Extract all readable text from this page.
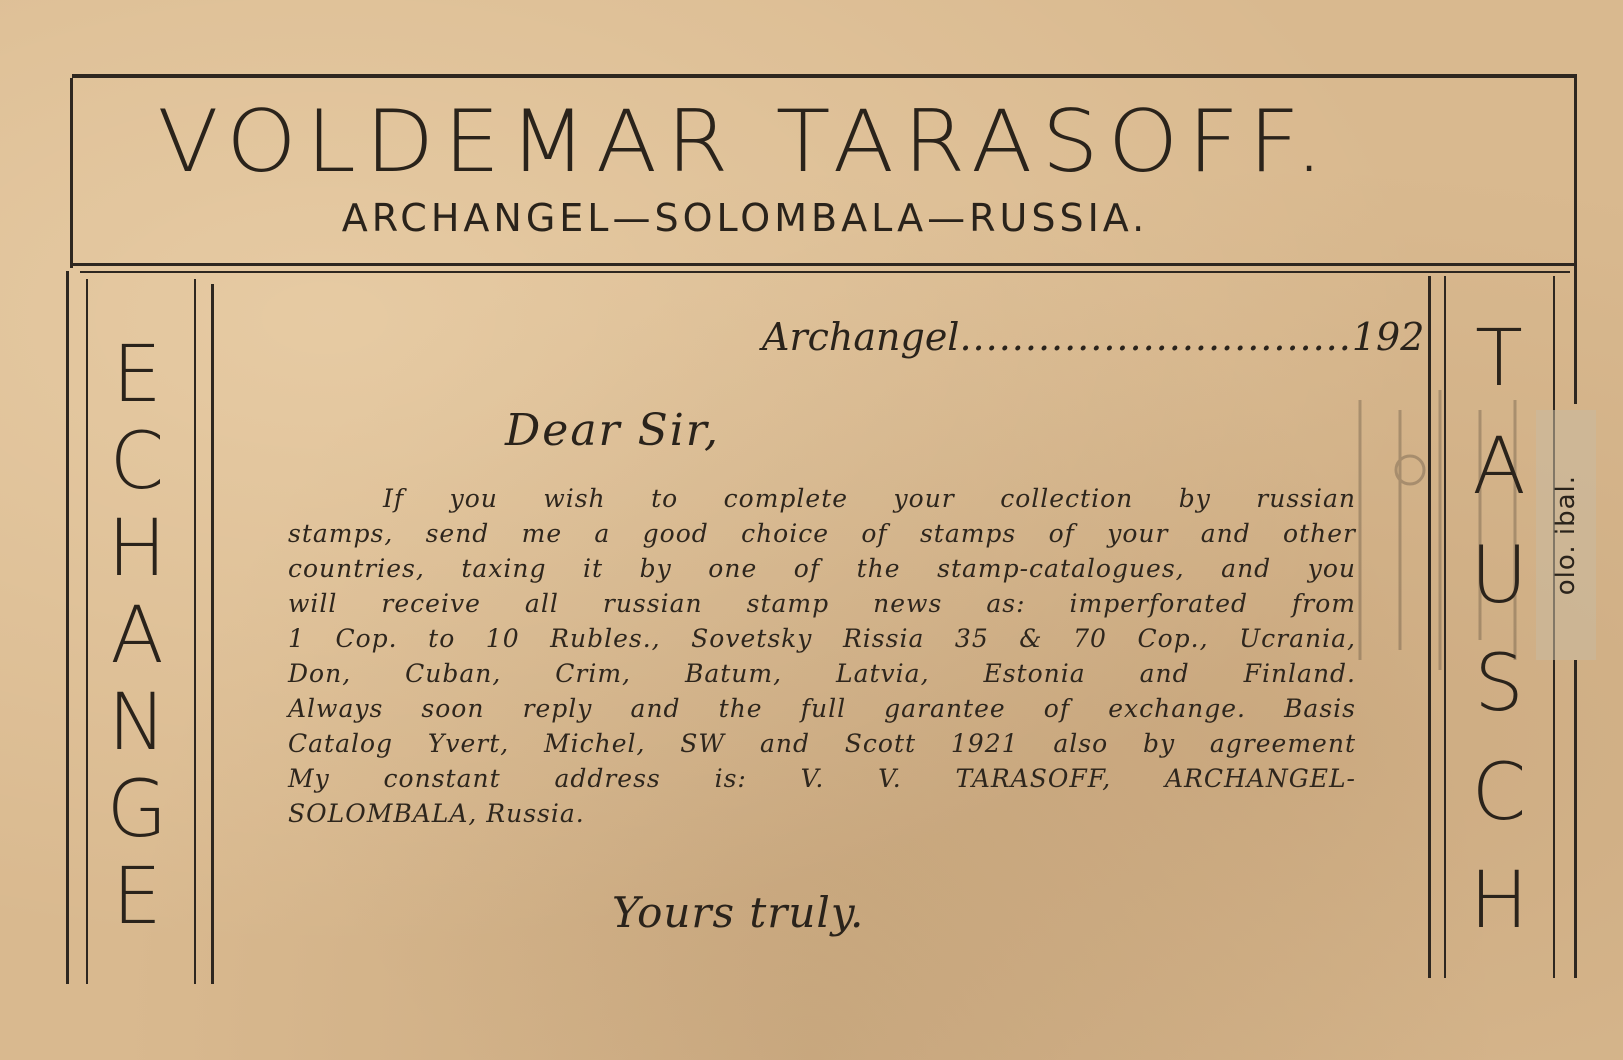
VOLDEMAR TARASOFF.
ARCHANGEL—SOLOMBALA—RUSSIA.
E
C
H
A
N
G
E
T
A
U
S
C
H
olo. ibal.
Archangel..............................192
Dear Sir,
If you wish to complete your collection by russian
stamps, send me a good choice of stamps of your and other
countries, taxing it by one of the stamp-catalogues, and you
will receive all russian stamp news as: imperforated from
1 Cop. to 10 Rubles., Sovetsky Rissia 35 & 70 Cop., Ucrania,
Don, Cuban, Crim, Batum, Latvia, Estonia and Finland.
Always soon reply and the full garantee of exchange. Basis
Catalog Yvert, Michel, SW and Scott 1921 also by agreement
My constant address is: V. V. TARASOFF, ARCHANGEL-
SOLOMBALA, Russia.
Yours truly.
